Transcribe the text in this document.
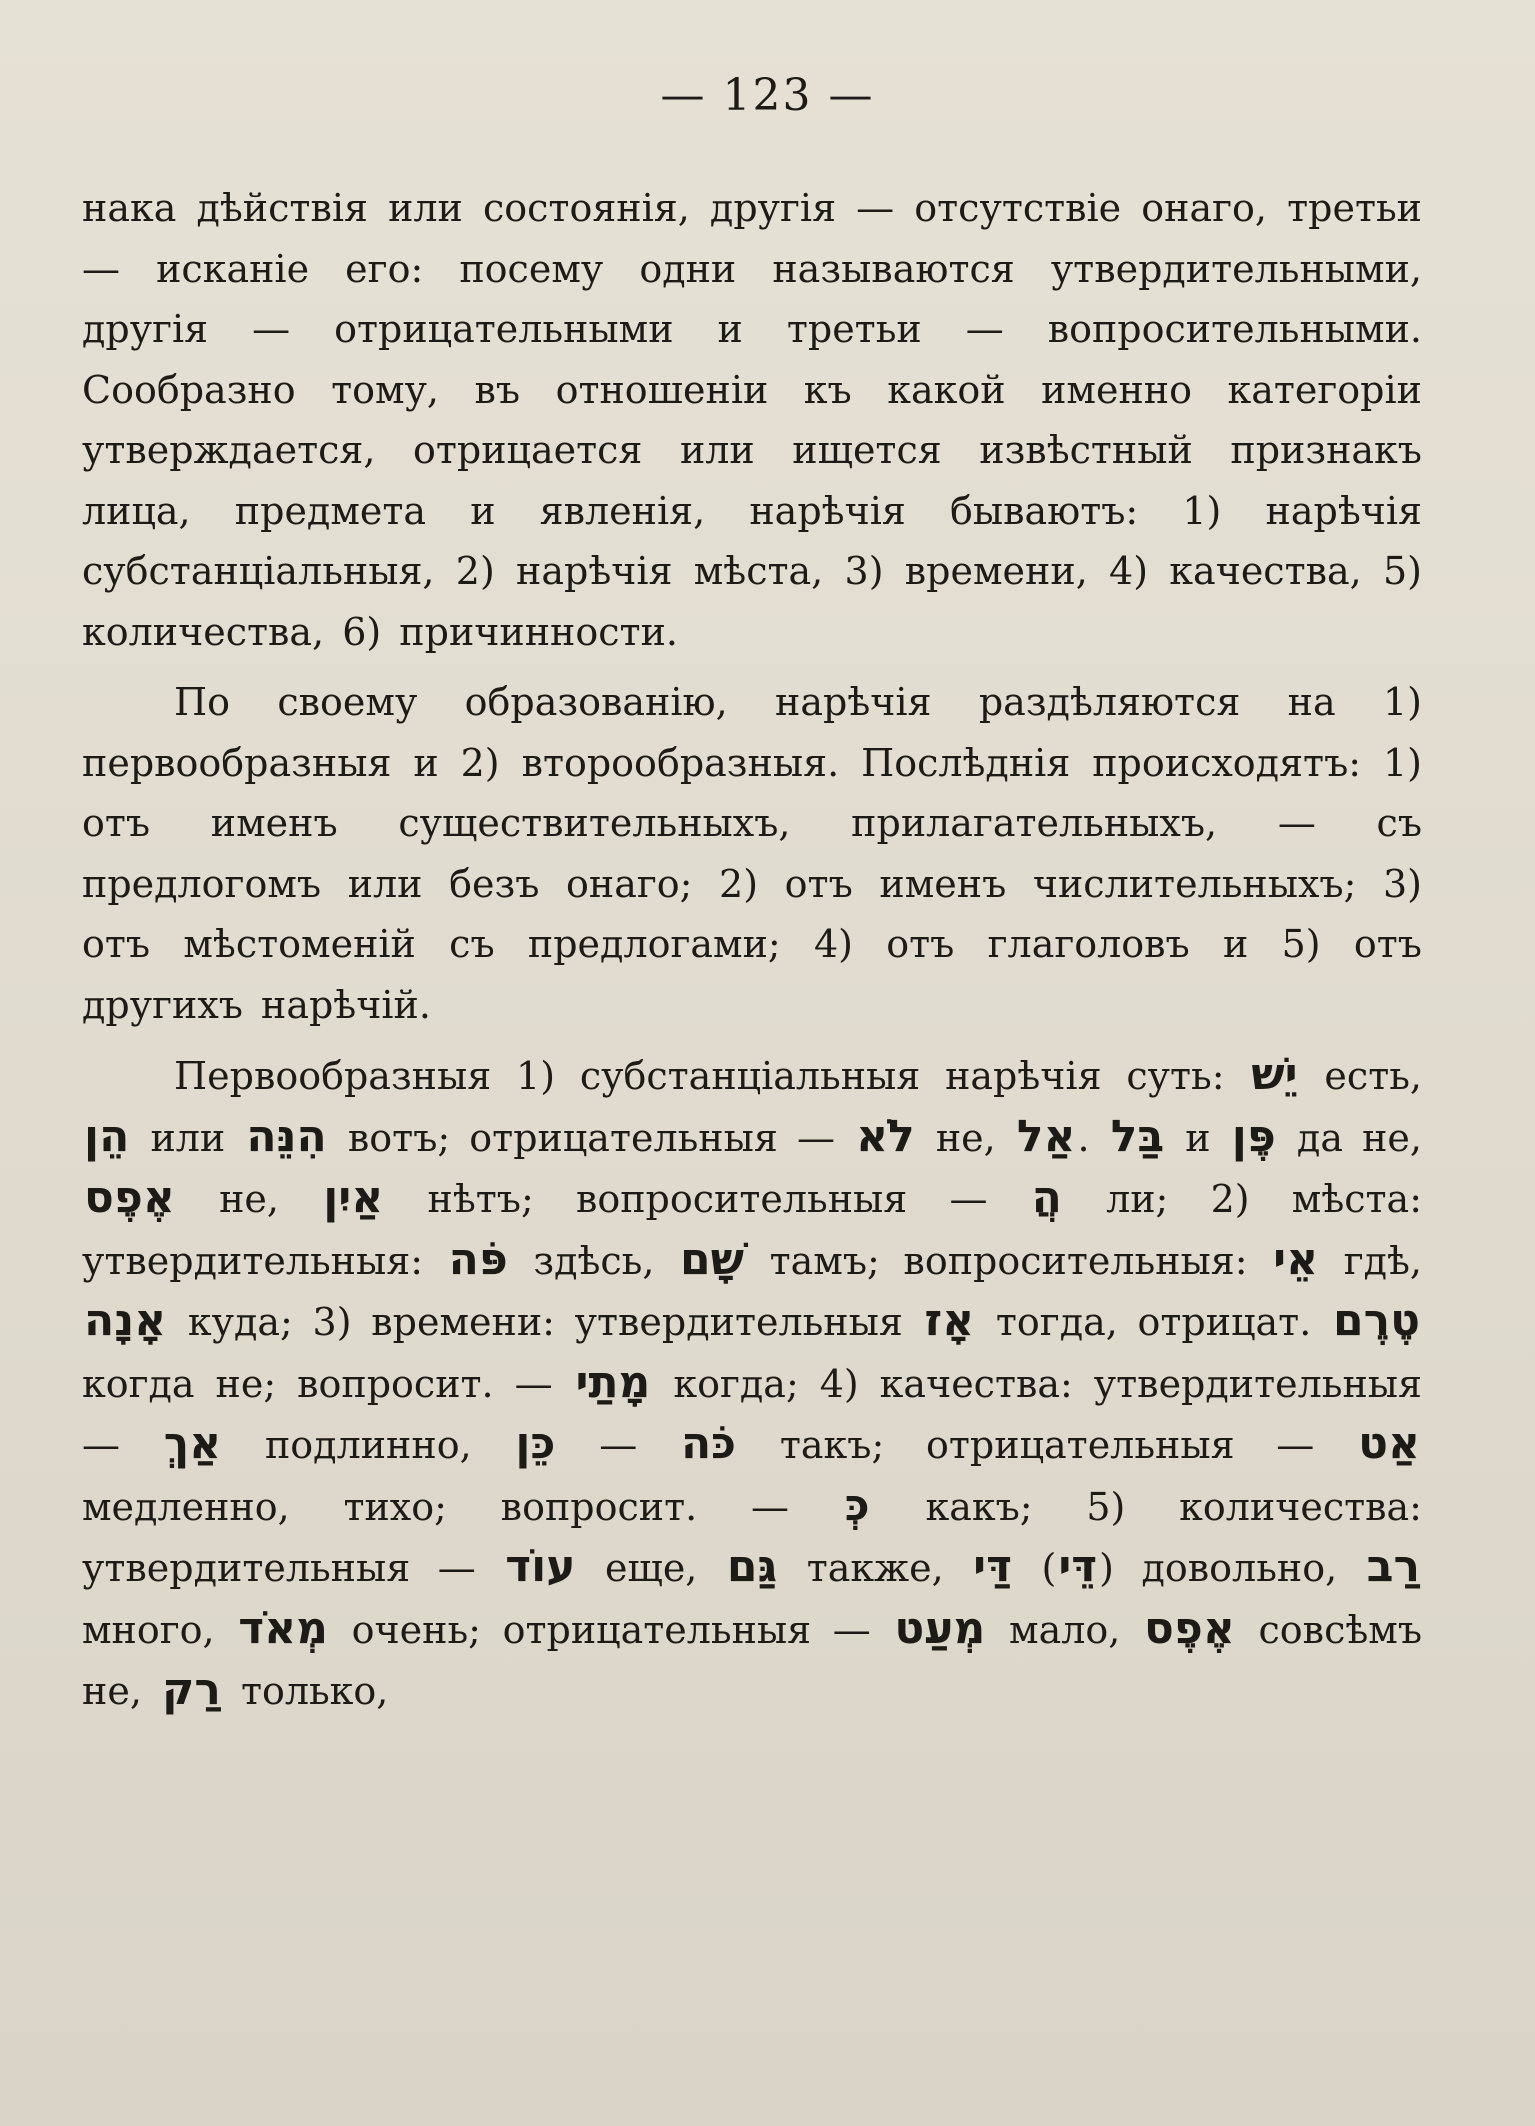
— 123 —

нака дѣйствія или состоянія, другія — отсутствіе онаго, третьи — исканіе его: посему одни называются утвердительными, другія — отрицательными и третьи — вопросительными. Сообразно тому, въ отношеніи къ какой именно категоріи утверждается, отрицается или ищется извѣстный признакъ лица, предмета и явленія, нарѣчія бываютъ: 1) нарѣчія субстанціальныя, 2) нарѣчія мѣста, 3) времени, 4) качества, 5) количества, 6) причинности.

По своему образованію, нарѣчія раздѣляются на 1) первообразныя и 2) второобразныя. Послѣднія происходятъ: 1) отъ именъ существительныхъ, прилагательныхъ, — съ предлогомъ или безъ онаго; 2) отъ именъ числительныхъ; 3) отъ мѣстоменій съ предлогами; 4) отъ глаголовъ и 5) отъ другихъ нарѣчій.

Первообразныя 1) субстанціальныя нарѣчія суть: יֵשׁ есть, הֵן или הִנֵּה вотъ; отрицательныя — לֹא не, אַל. בַּל и פֶּן да не, אֶפֶס не, אַיִן нѣтъ; вопросительныя — הֲ ли; 2) мѣста: утвердительныя: פֹּה здѣсь, שָׁם тамъ; вопросительныя: אֵי гдѣ, אָנָה куда; 3) времени: утвердительныя אָז тогда, отрицат. טֶרֶם когда не; вопросит. — מָתַי когда; 4) качества: утвердительныя — אַךְ подлинно, כֵּן — כֹּה такъ; отрицательныя — אַט медленно, тихо; вопросит. — כְּ какъ; 5) количества: утвердительныя — עוֹד еще, גַּם также, דַּי (דֵּי) довольно, רַב много, מְאֹד очень; отрицательныя — מְעַט мало, אֶפֶס совсѣмъ не, רַק только,
